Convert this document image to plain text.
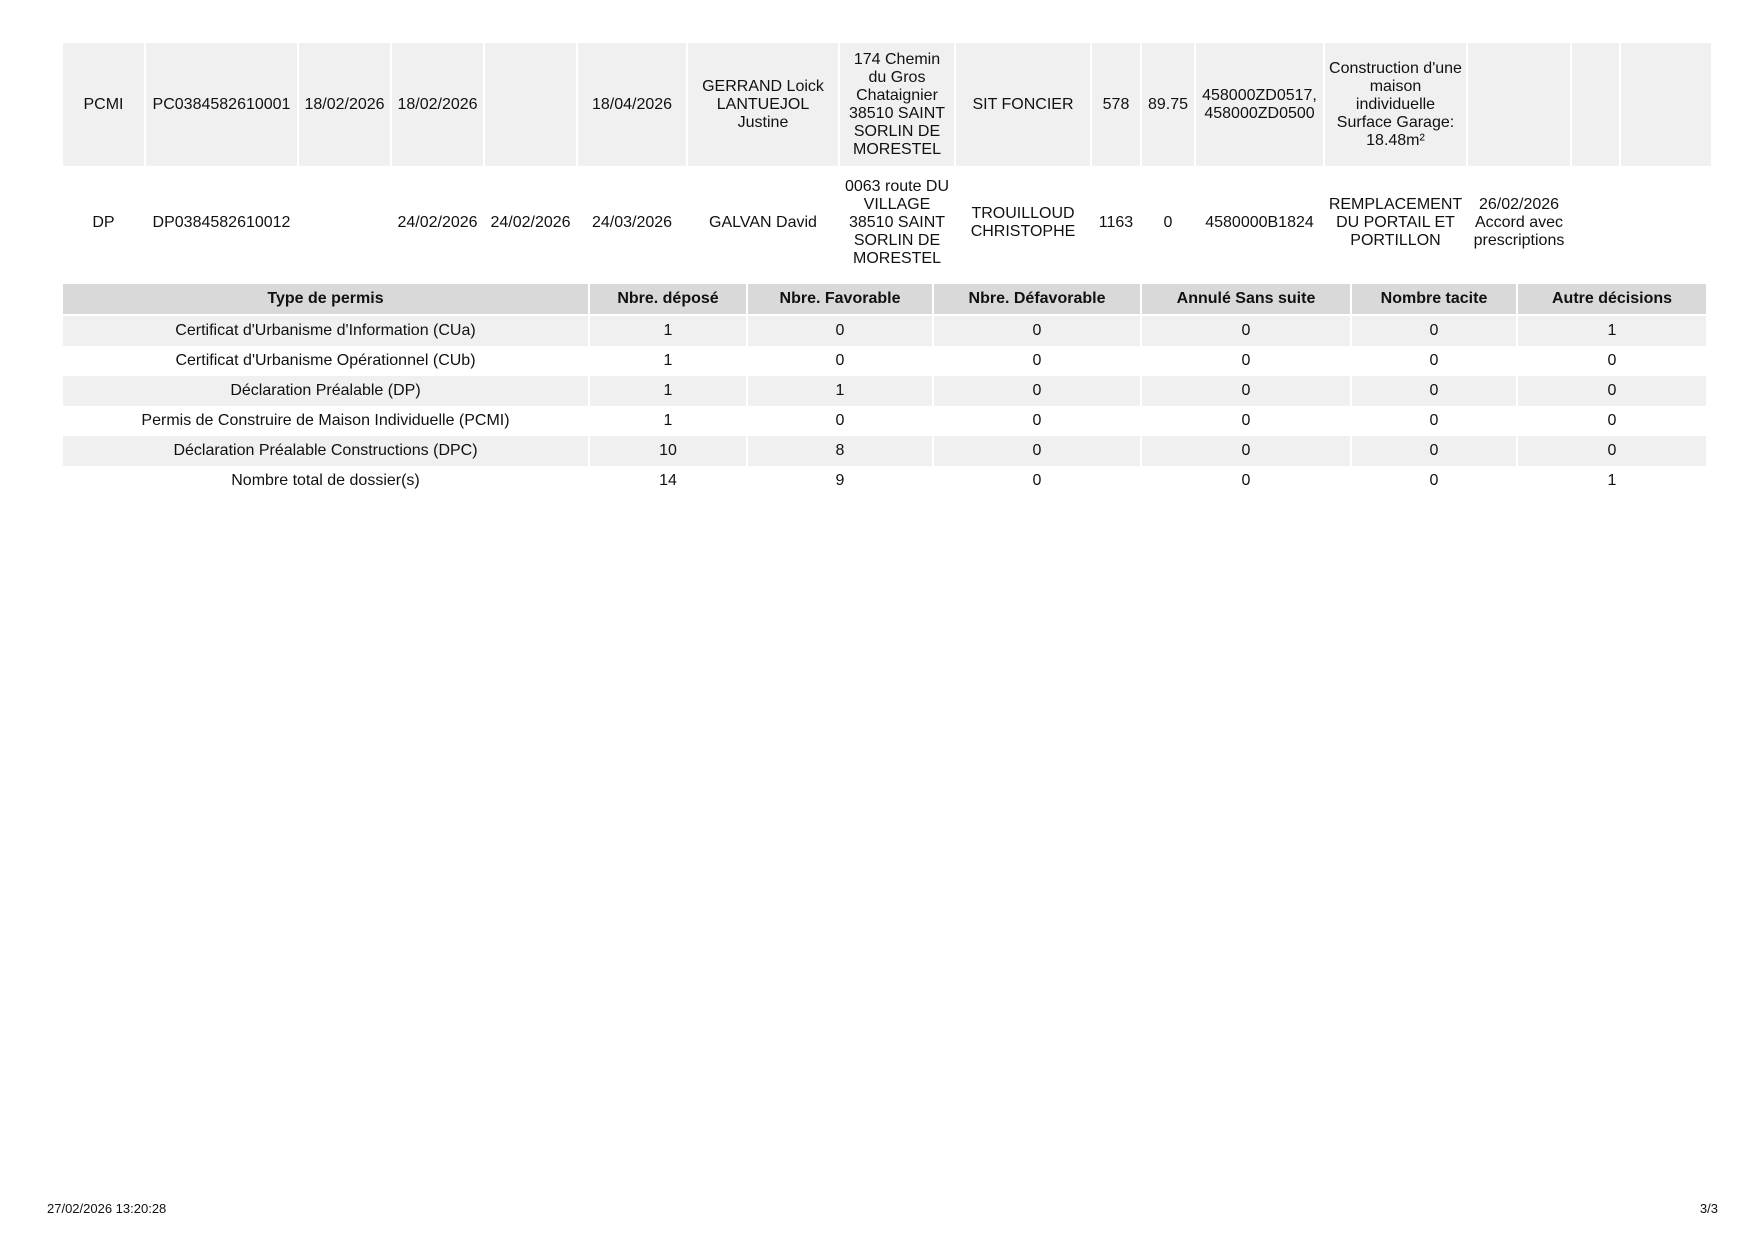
PCMI	PC0384582610001	18/02/2026	18/02/2026		18/04/2026	GERRAND Loick LANTUEJOL Justine	174 Chemin du Gros Chataignier 38510 SAINT SORLIN DE MORESTEL	SIT FONCIER	578	89.75	458000ZD0517, 458000ZD0500	Construction d'une maison individuelle Surface Garage: 18.48m²			
DP	DP0384582610012		24/02/2026	24/02/2026	24/03/2026	GALVAN David	0063 route DU VILLAGE 38510 SAINT SORLIN DE MORESTEL	TROUILLOUD CHRISTOPHE	1163	0	4580000B1824	REMPLACEMENT DU PORTAIL ET PORTILLON	26/02/2026 Accord avec prescriptions		
Type de permis	Nbre. déposé	Nbre. Favorable	Nbre. Défavorable	Annulé Sans suite	Nombre tacite	Autre décisions

Certificat d'Urbanisme d'Information (CUa)	1	0	0	0	0	1
Certificat d'Urbanisme Opérationnel (CUb)	1	0	0	0	0	0
Déclaration Préalable (DP)	1	1	0	0	0	0
Permis de Construire de Maison Individuelle (PCMI)	1	0	0	0	0	0
Déclaration Préalable Constructions (DPC)	10	8	0	0	0	0
Nombre total de dossier(s)	14	9	0	0	0	1
27/02/2026 13:20:28	3/3
